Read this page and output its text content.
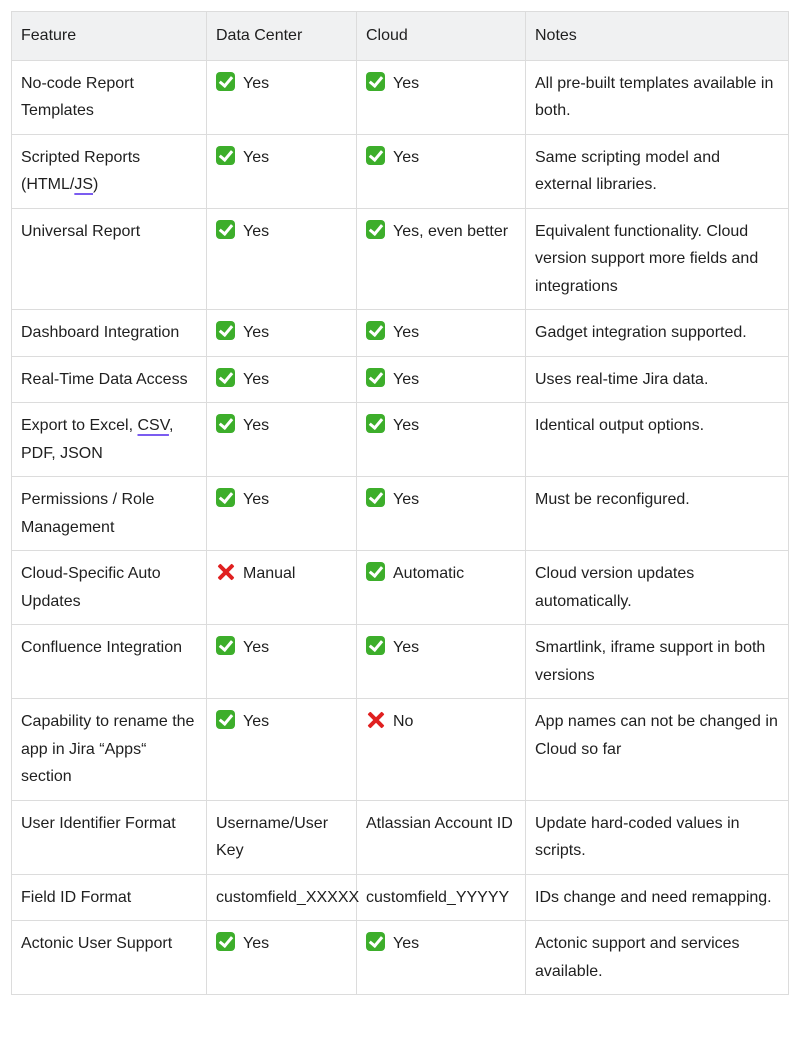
Feature	Data Center	Cloud	Notes
No-code Report Templates	Yes	Yes	All pre-built templates available in both.
Scripted Reports (HTML/JS)	Yes	Yes	Same scripting model and external libraries.
Universal Report	Yes	Yes, even better	Equivalent functionality. Cloud version support more fields and integrations
Dashboard Integration	Yes	Yes	Gadget integration supported.
Real-Time Data Access	Yes	Yes	Uses real-time Jira data.
Export to Excel, CSV, PDF, JSON	Yes	Yes	Identical output options.
Permissions / Role Management	Yes	Yes	Must be reconfigured.
Cloud-Specific Auto Updates	Manual	Automatic	Cloud version updates automatically.
Confluence Integration	Yes	Yes	Smartlink, iframe support in both versions
Capability to rename the app in Jira “Apps“ section	Yes	No	App names can not be changed in Cloud so far
User Identifier Format	Username/User Key	Atlassian Account ID	Update hard-coded values in scripts.
Field ID Format	customfield_XXXXX	customfield_YYYYY	IDs change and need remapping.
Actonic User Support	Yes	Yes	Actonic support and services available.
